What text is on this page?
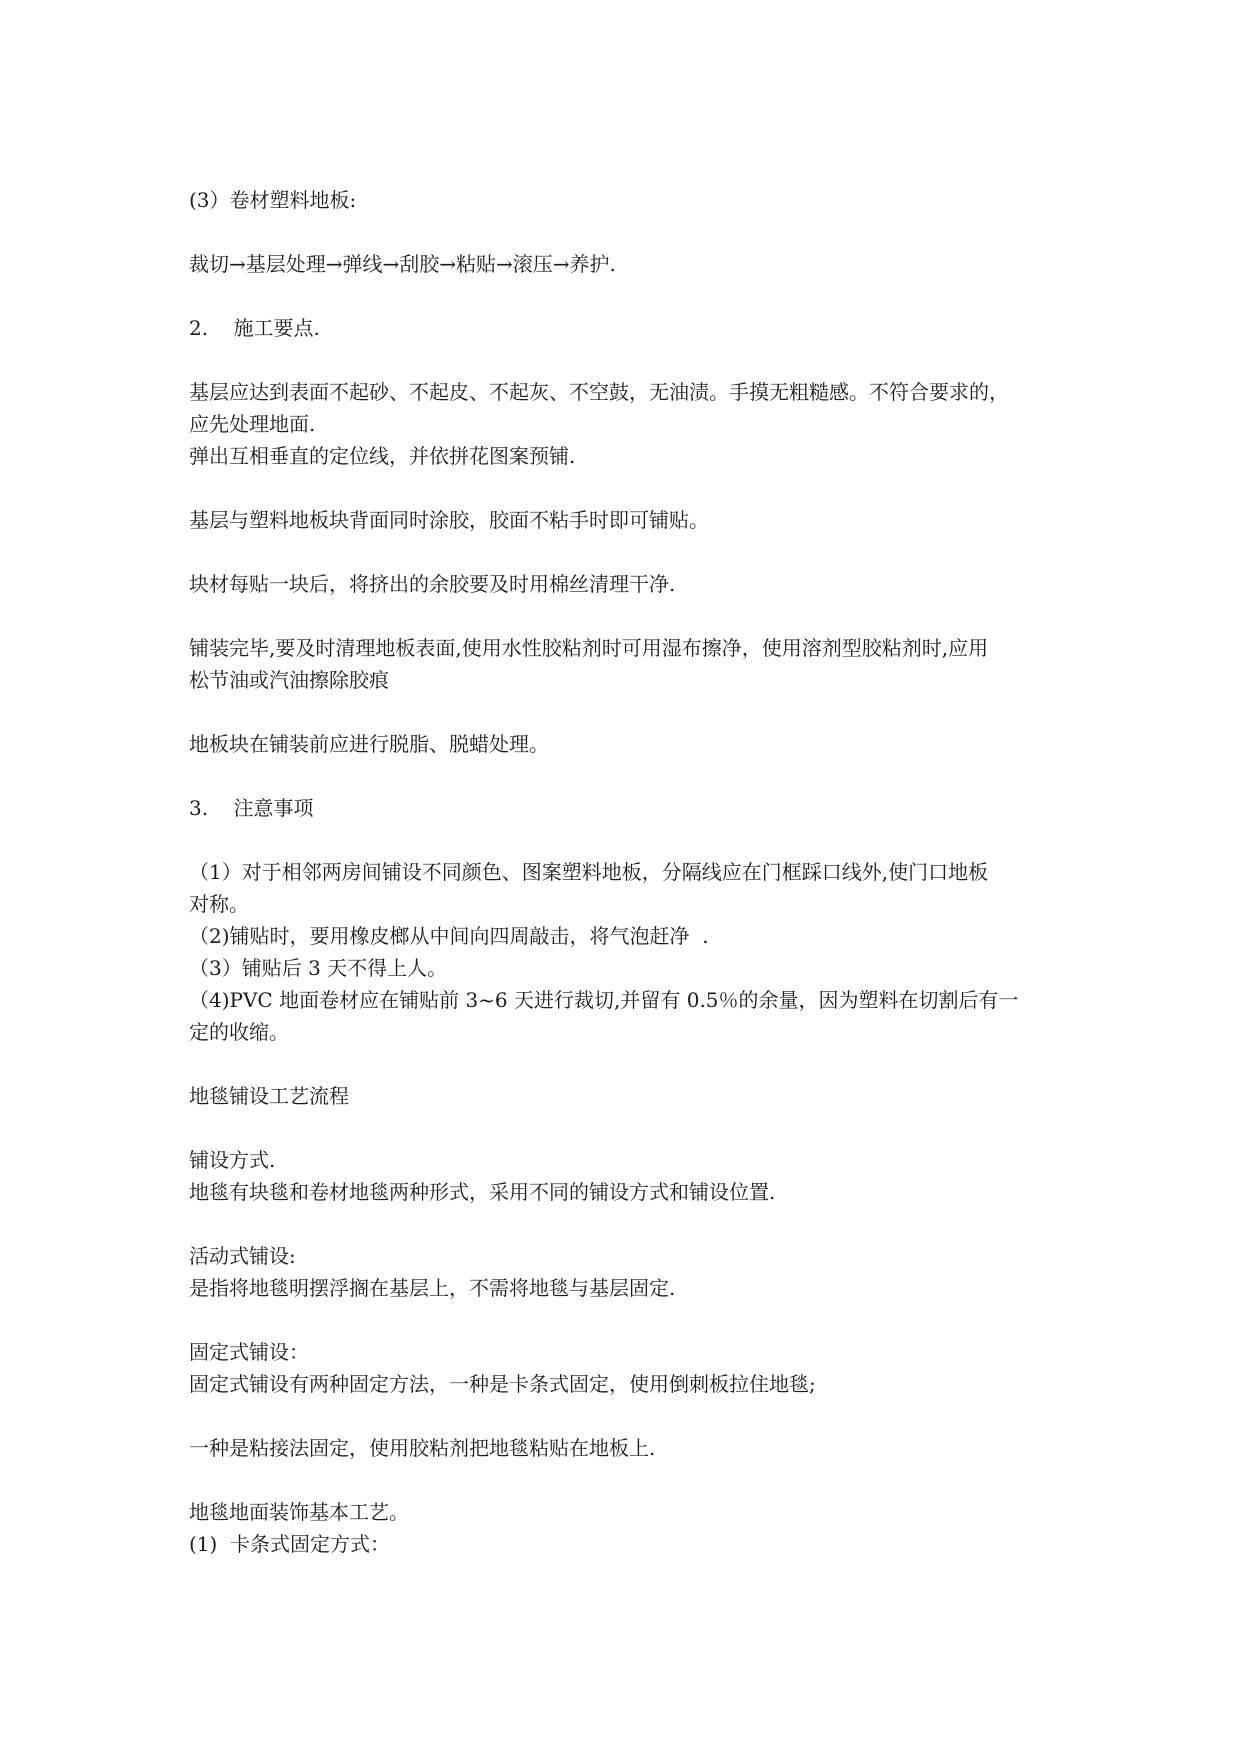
(3）卷材塑料地板:

裁切→基层处理→弹线→刮胶→粘贴→滚压→养护.

2.    施工要点.

基层应达到表面不起砂、不起皮、不起灰、不空鼓，无油渍。手摸无粗糙感。不符合要求的，
应先处理地面.
弹出互相垂直的定位线，并依拼花图案预铺.

基层与塑料地板块背面同时涂胶，胶面不粘手时即可铺贴。

块材每贴一块后，将挤出的余胶要及时用棉丝清理干净.

铺装完毕,要及时清理地板表面,使用水性胶粘剂时可用湿布擦净，使用溶剂型胶粘剂时,应用
松节油或汽油擦除胶痕

地板块在铺装前应进行脱脂、脱蜡处理。

3.    注意事项

（1）对于相邻两房间铺设不同颜色、图案塑料地板，分隔线应在门框踩口线外,使门口地板
对称。
（2)铺贴时，要用橡皮榔从中间向四周敲击，将气泡赶净  .
（3）铺贴后 3 天不得上人。
（4)PVC 地面卷材应在铺贴前 3~6 天进行裁切,并留有 0.5％的余量，因为塑料在切割后有一
定的收缩。

地毯铺设工艺流程

铺设方式.
地毯有块毯和卷材地毯两种形式，采用不同的铺设方式和铺设位置.

活动式铺设:
是指将地毯明摆浮搁在基层上，不需将地毯与基层固定.

固定式铺设：
固定式铺设有两种固定方法，一种是卡条式固定，使用倒刺板拉住地毯;

一种是粘接法固定，使用胶粘剂把地毯粘贴在地板上.

地毯地面装饰基本工艺。
(1)  卡条式固定方式：
